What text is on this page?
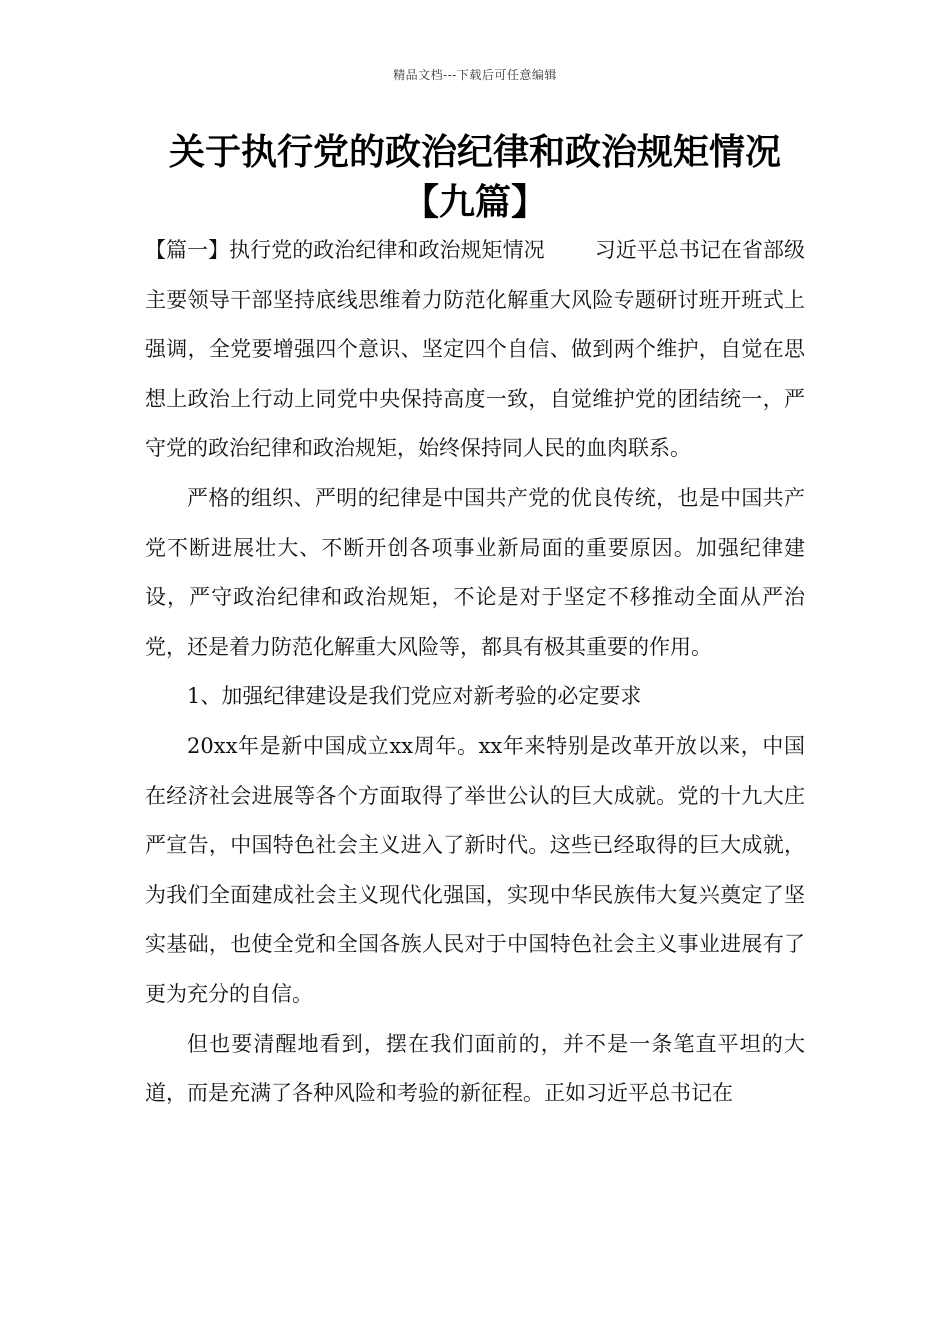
精品文档---下载后可任意编辑
关于执行党的政治纪律和政治规矩情况
【九篇】

【篇一】执行党的政治纪律和政治规矩情况 习近平总书记在省部级主要领导干部坚持底线思维着力防范化解重大风险专题研讨班开班式上强调，全党要增强四个意识、坚定四个自信、做到两个维护，自觉在思想上政治上行动上同党中央保持高度一致，自觉维护党的团结统一，严守党的政治纪律和政治规矩，始终保持同人民的血肉联系。

严格的组织、严明的纪律是中国共产党的优良传统，也是中国共产党不断进展壮大、不断开创各项事业新局面的重要原因。加强纪律建设，严守政治纪律和政治规矩，不论是对于坚定不移推动全面从严治党，还是着力防范化解重大风险等，都具有极其重要的作用。

1、加强纪律建设是我们党应对新考验的必定要求

20xx年是新中国成立xx周年。xx年来特别是改革开放以来，中国在经济社会进展等各个方面取得了举世公认的巨大成就。党的十九大庄严宣告，中国特色社会主义进入了新时代。这些已经取得的巨大成就，为我们全面建成社会主义现代化强国，实现中华民族伟大复兴奠定了坚实基础，也使全党和全国各族人民对于中国特色社会主义事业进展有了更为充分的自信。

但也要清醒地看到，摆在我们面前的，并不是一条笔直平坦的大道，而是充满了各种风险和考验的新征程。正如习近平总书记在
